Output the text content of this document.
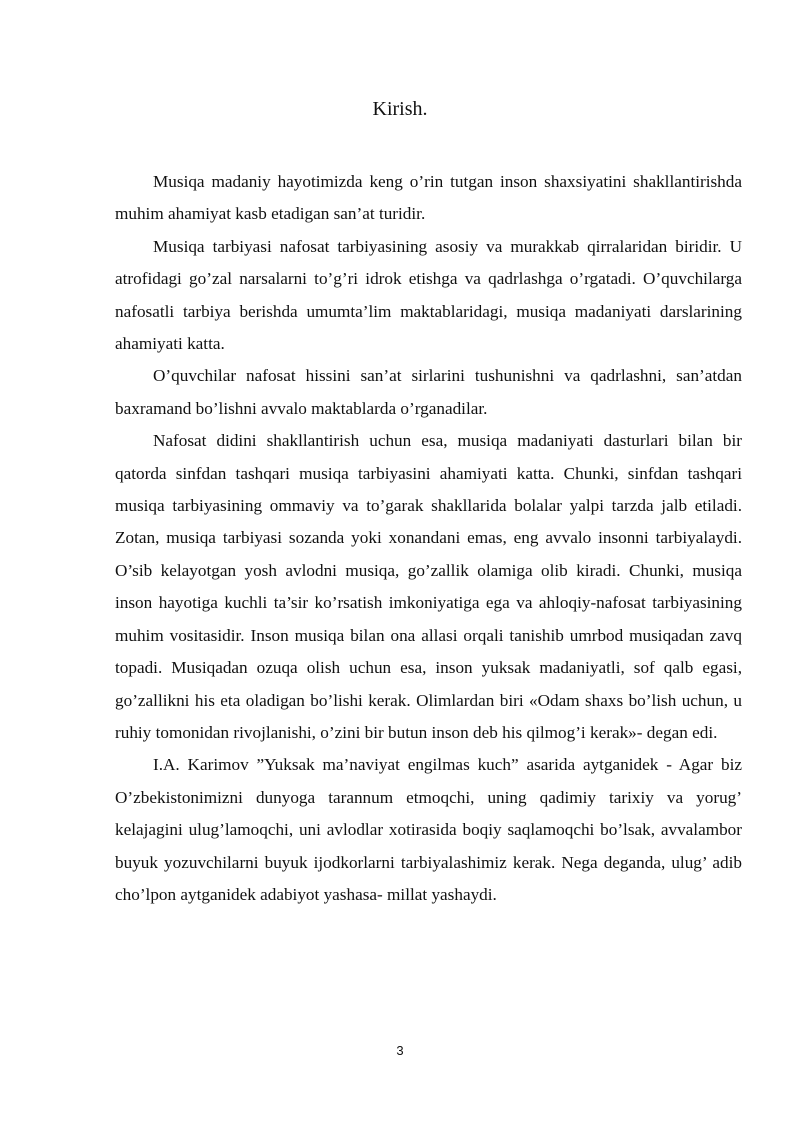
Kirish.

Musiqa madaniy hayotimizda keng o’rin tutgan inson shaxsiyatini shakllantirishda muhim ahamiyat kasb etadigan san’at turidir.

Musiqa tarbiyasi nafosat tarbiyasining asosiy va murakkab qirralaridan biridir. U atrofidagi go’zal narsalarni to’g’ri idrok etishga va qadrlashga o’rgatadi. O’quvchilarga nafosatli tarbiya berishda umumta’lim maktablaridagi, musiqa madaniyati darslarining ahamiyati katta.

O’quvchilar nafosat hissini san’at sirlarini tushunishni va qadrlashni, san’atdan baxramand bo’lishni avvalo maktablarda o’rganadilar.

Nafosat didini shakllantirish uchun esa, musiqa madaniyati dasturlari bilan bir qatorda sinfdan tashqari musiqa tarbiyasini ahamiyati katta. Chunki, sinfdan tashqari musiqa tarbiyasining ommaviy va to’garak shakllarida bolalar yalpi tarzda jalb etiladi. Zotan, musiqa tarbiyasi sozanda yoki xonandani emas, eng avvalo insonni tarbiyalaydi. O’sib kelayotgan yosh avlodni musiqa, go’zallik olamiga olib kiradi. Chunki, musiqa inson hayotiga kuchli ta’sir ko’rsatish imkoniyatiga ega va ahloqiy-nafosat tarbiyasining muhim vositasidir. Inson musiqa bilan ona allasi orqali tanishib umrbod musiqadan zavq topadi. Musiqadan ozuqa olish uchun esa, inson yuksak madaniyatli, sof qalb egasi, go’zallikni his eta oladigan bo’lishi kerak. Olimlardan biri «Odam shaxs bo’lish uchun, u ruhiy tomonidan rivojlanishi, o’zini bir butun inson deb his qilmog’i kerak»- degan edi.

I.A. Karimov ”Yuksak ma’naviyat engilmas kuch” asarida aytganidek - Agar biz O’zbekistonimizni dunyoga tarannum etmoqchi, uning qadimiy tarixiy va yorug’ kelajagini ulug’lamoqchi, uni avlodlar xotirasida boqiy saqlamoqchi bo’lsak, avvalambor buyuk yozuvchilarni buyuk ijodkorlarni tarbiyalashimiz kerak. Nega deganda, ulug’ adib cho’lpon aytganidek adabiyot yashasa- millat yashaydi.

3
